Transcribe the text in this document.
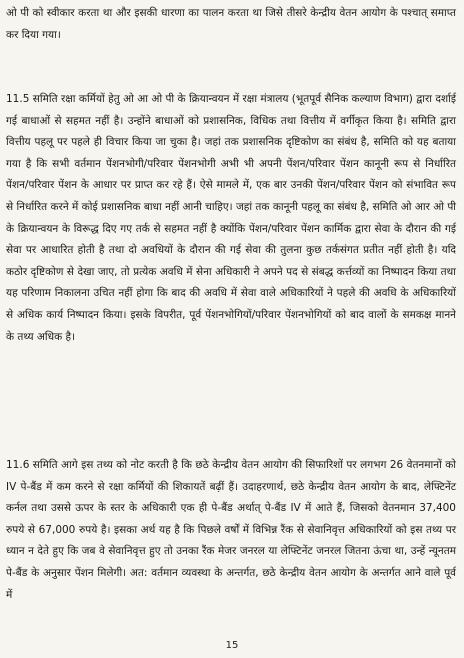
ओ पी को स्वीकार करता था और इसकी धारणा का पालन करता था जिसे तीसरे केन्द्रीय वेतन आयोग के पश्चात् समाप्त कर दिया गया।

11.5 समिति रक्षा कर्मियों हेतु ओ आ ओ पी के क्रियान्वयन में रक्षा मंत्रालय (भूतपूर्व सैनिक कल्याण विभाग) द्वारा दर्शाई गई बाधाओं से सहमत नहीं है। उन्होंने बाधाओं को प्रशासनिक, विधिक तथा वित्तीय में वर्गीकृत किया है। समिति द्वारा वित्तीय पहलू पर पहले ही विचार किया जा चुका है। जहां तक प्रशासनिक दृष्टिकोण का संबंध है, समिति को यह बताया गया है कि सभी वर्तमान पेंशनभोगी/परिवार पेंशनभोगी अभी भी अपनी पेंशन/परिवार पेंशन कानूनी रूप से निर्धारित पेंशन/परिवार पेंशन के आधार पर प्राप्त कर रहे हैं। ऐसे मामले में, एक बार उनकी पेंशन/परिवार पेंशन को संभावित रूप से निर्धारित करने में कोई प्रशासनिक बाधा नहीं आनी चाहिए। जहां तक कानूनी पहलू का संबंध है, समिति ओ आर ओ पी के क्रियान्वयन के विरूद्ध दिए गए तर्क से सहमत नहीं है क्योंकि पेंशन/परिवार पेंशन कार्मिक द्वारा सेवा के दौरान की गई सेवा पर आधारित होती है तथा दो अवधियों के दौरान की गई सेवा की तुलना कुछ तर्कसंगत प्रतीत नहीं होती है। यदि कठोर दृष्टिकोण से देखा जाए, तो प्रत्येक अवधि में सेना अधिकारी ने अपने पद से संबद्ध कर्त्तव्यों का निष्पादन किया तथा यह परिणाम निकालना उचित नहीं होगा कि बाद की अवधि में सेवा वाले अधिकारियों ने पहले की अवधि के अधिकारियों से अधिक कार्य निष्पादन किया। इसके विपरीत, पूर्व पेंशनभोगियों/परिवार पेंशनभोगियों को बाद वालों के समकक्ष मानने के तथ्य अधिक है।

11.6 समिति आगे इस तथ्य को नोट करती है कि छठे केन्द्रीय वेतन आयोग की सिफारिशों पर लगभग 26 वेतनमानों को IV पे-बैंड में कम करने से रक्षा कर्मियों की शिकायतें बढ़ीं हैं। उदाहरणार्थ, छठे केन्द्रीय वेतन आयोग के बाद, लेफ्टिनेंट कर्नल तथा उससे ऊपर के स्तर के अधिकारी एक ही पे-बैंड अर्थात् पे-बैंड IV में आते हैं, जिसको वेतनमान 37,400 रुपये से 67,000 रुपये है। इसका अर्थ यह है कि पिछले वर्षों में विभिन्न रैंक से सेवानिवृत्त अधिकारियों को इस तथ्य पर ध्यान न देते हुए कि जब वे सेवानिवृत्त हुए तो उनका रैंक मेजर जनरल या लेफ्टिनेंट जनरल जितना ऊंचा था, उन्हें न्यूनतम पे-बैंड के अनुसार पेंशन मिलेगी। अत: वर्तमान व्यवस्था के अन्तर्गत, छठे केन्द्रीय वेतन आयोग के अन्तर्गत आने वाले पूर्व में

15
